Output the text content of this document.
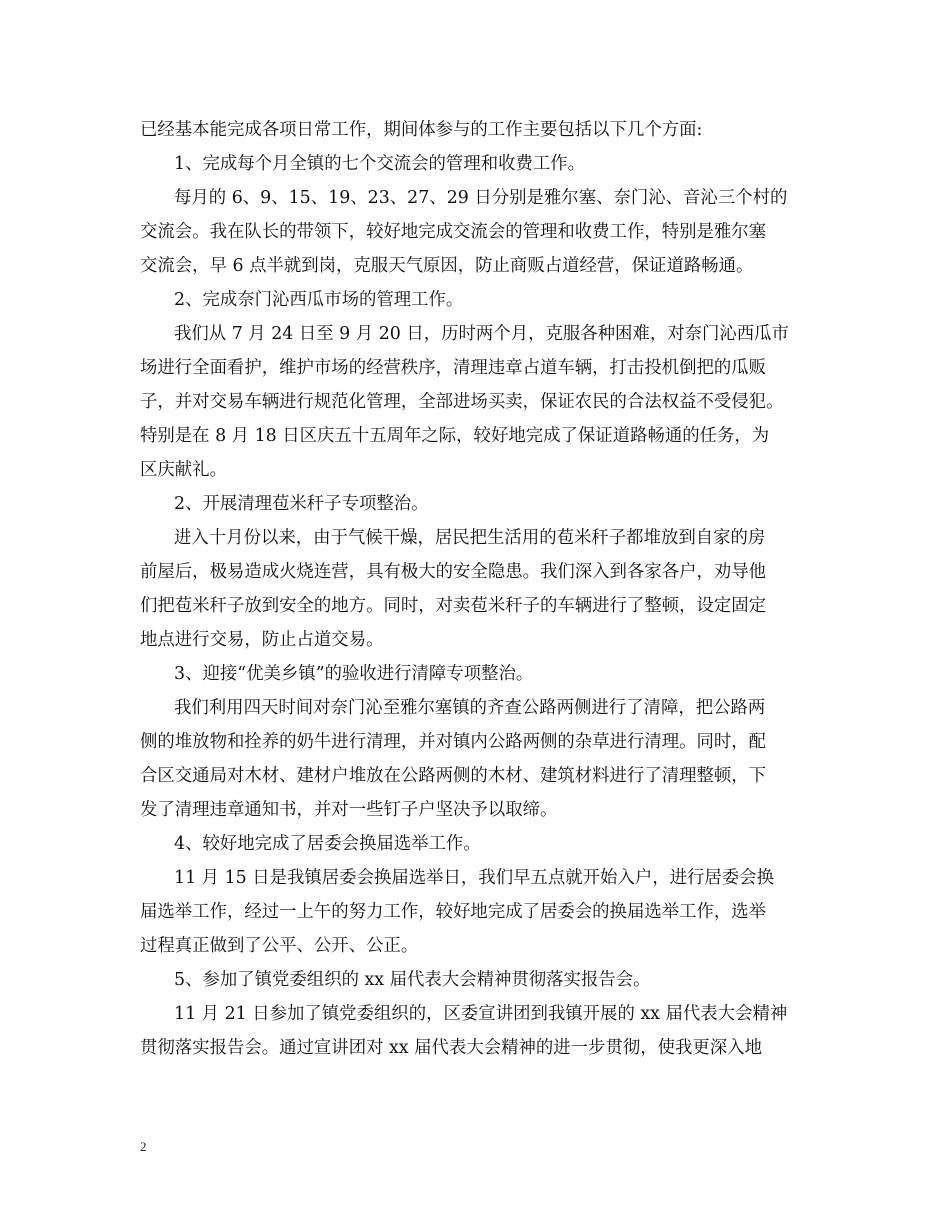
已经基本能完成各项日常工作，期间体参与的工作主要包括以下几个方面:

1、完成每个月全镇的七个交流会的管理和收费工作。

每月的 6、9、15、19、23、27、29 日分别是雅尔塞、奈门沁、音沁三个村的

交流会。我在队长的带领下，较好地完成交流会的管理和收费工作，特别是雅尔塞

交流会，早 6 点半就到岗，克服天气原因，防止商贩占道经营，保证道路畅通。

2、完成奈门沁西瓜市场的管理工作。

我们从 7 月 24 日至 9 月 20 日，历时两个月，克服各种困难，对奈门沁西瓜市

场进行全面看护，维护市场的经营秩序，清理违章占道车辆，打击投机倒把的瓜贩

子，并对交易车辆进行规范化管理，全部进场买卖，保证农民的合法权益不受侵犯。

特别是在 8 月 18 日区庆五十五周年之际，较好地完成了保证道路畅通的任务，为

区庆献礼。

2、开展清理苞米秆子专项整治。

进入十月份以来，由于气候干燥，居民把生活用的苞米秆子都堆放到自家的房

前屋后，极易造成火烧连营，具有极大的安全隐患。我们深入到各家各户，劝导他

们把苞米秆子放到安全的地方。同时，对卖苞米秆子的车辆进行了整顿，设定固定

地点进行交易，防止占道交易。

3、迎接“优美乡镇”的验收进行清障专项整治。

我们利用四天时间对奈门沁至雅尔塞镇的齐查公路两侧进行了清障，把公路两

侧的堆放物和拴养的奶牛进行清理，并对镇内公路两侧的杂草进行清理。同时，配

合区交通局对木材、建材户堆放在公路两侧的木材、建筑材料进行了清理整顿，下

发了清理违章通知书，并对一些钉子户坚决予以取缔。

4、较好地完成了居委会换届选举工作。

11 月 15 日是我镇居委会换届选举日，我们早五点就开始入户，进行居委会换

届选举工作，经过一上午的努力工作，较好地完成了居委会的换届选举工作，选举

过程真正做到了公平、公开、公正。

5、参加了镇党委组织的 xx 届代表大会精神贯彻落实报告会。

11 月 21 日参加了镇党委组织的，区委宣讲团到我镇开展的 xx 届代表大会精神

贯彻落实报告会。通过宣讲团对 xx 届代表大会精神的进一步贯彻，使我更深入地

2
